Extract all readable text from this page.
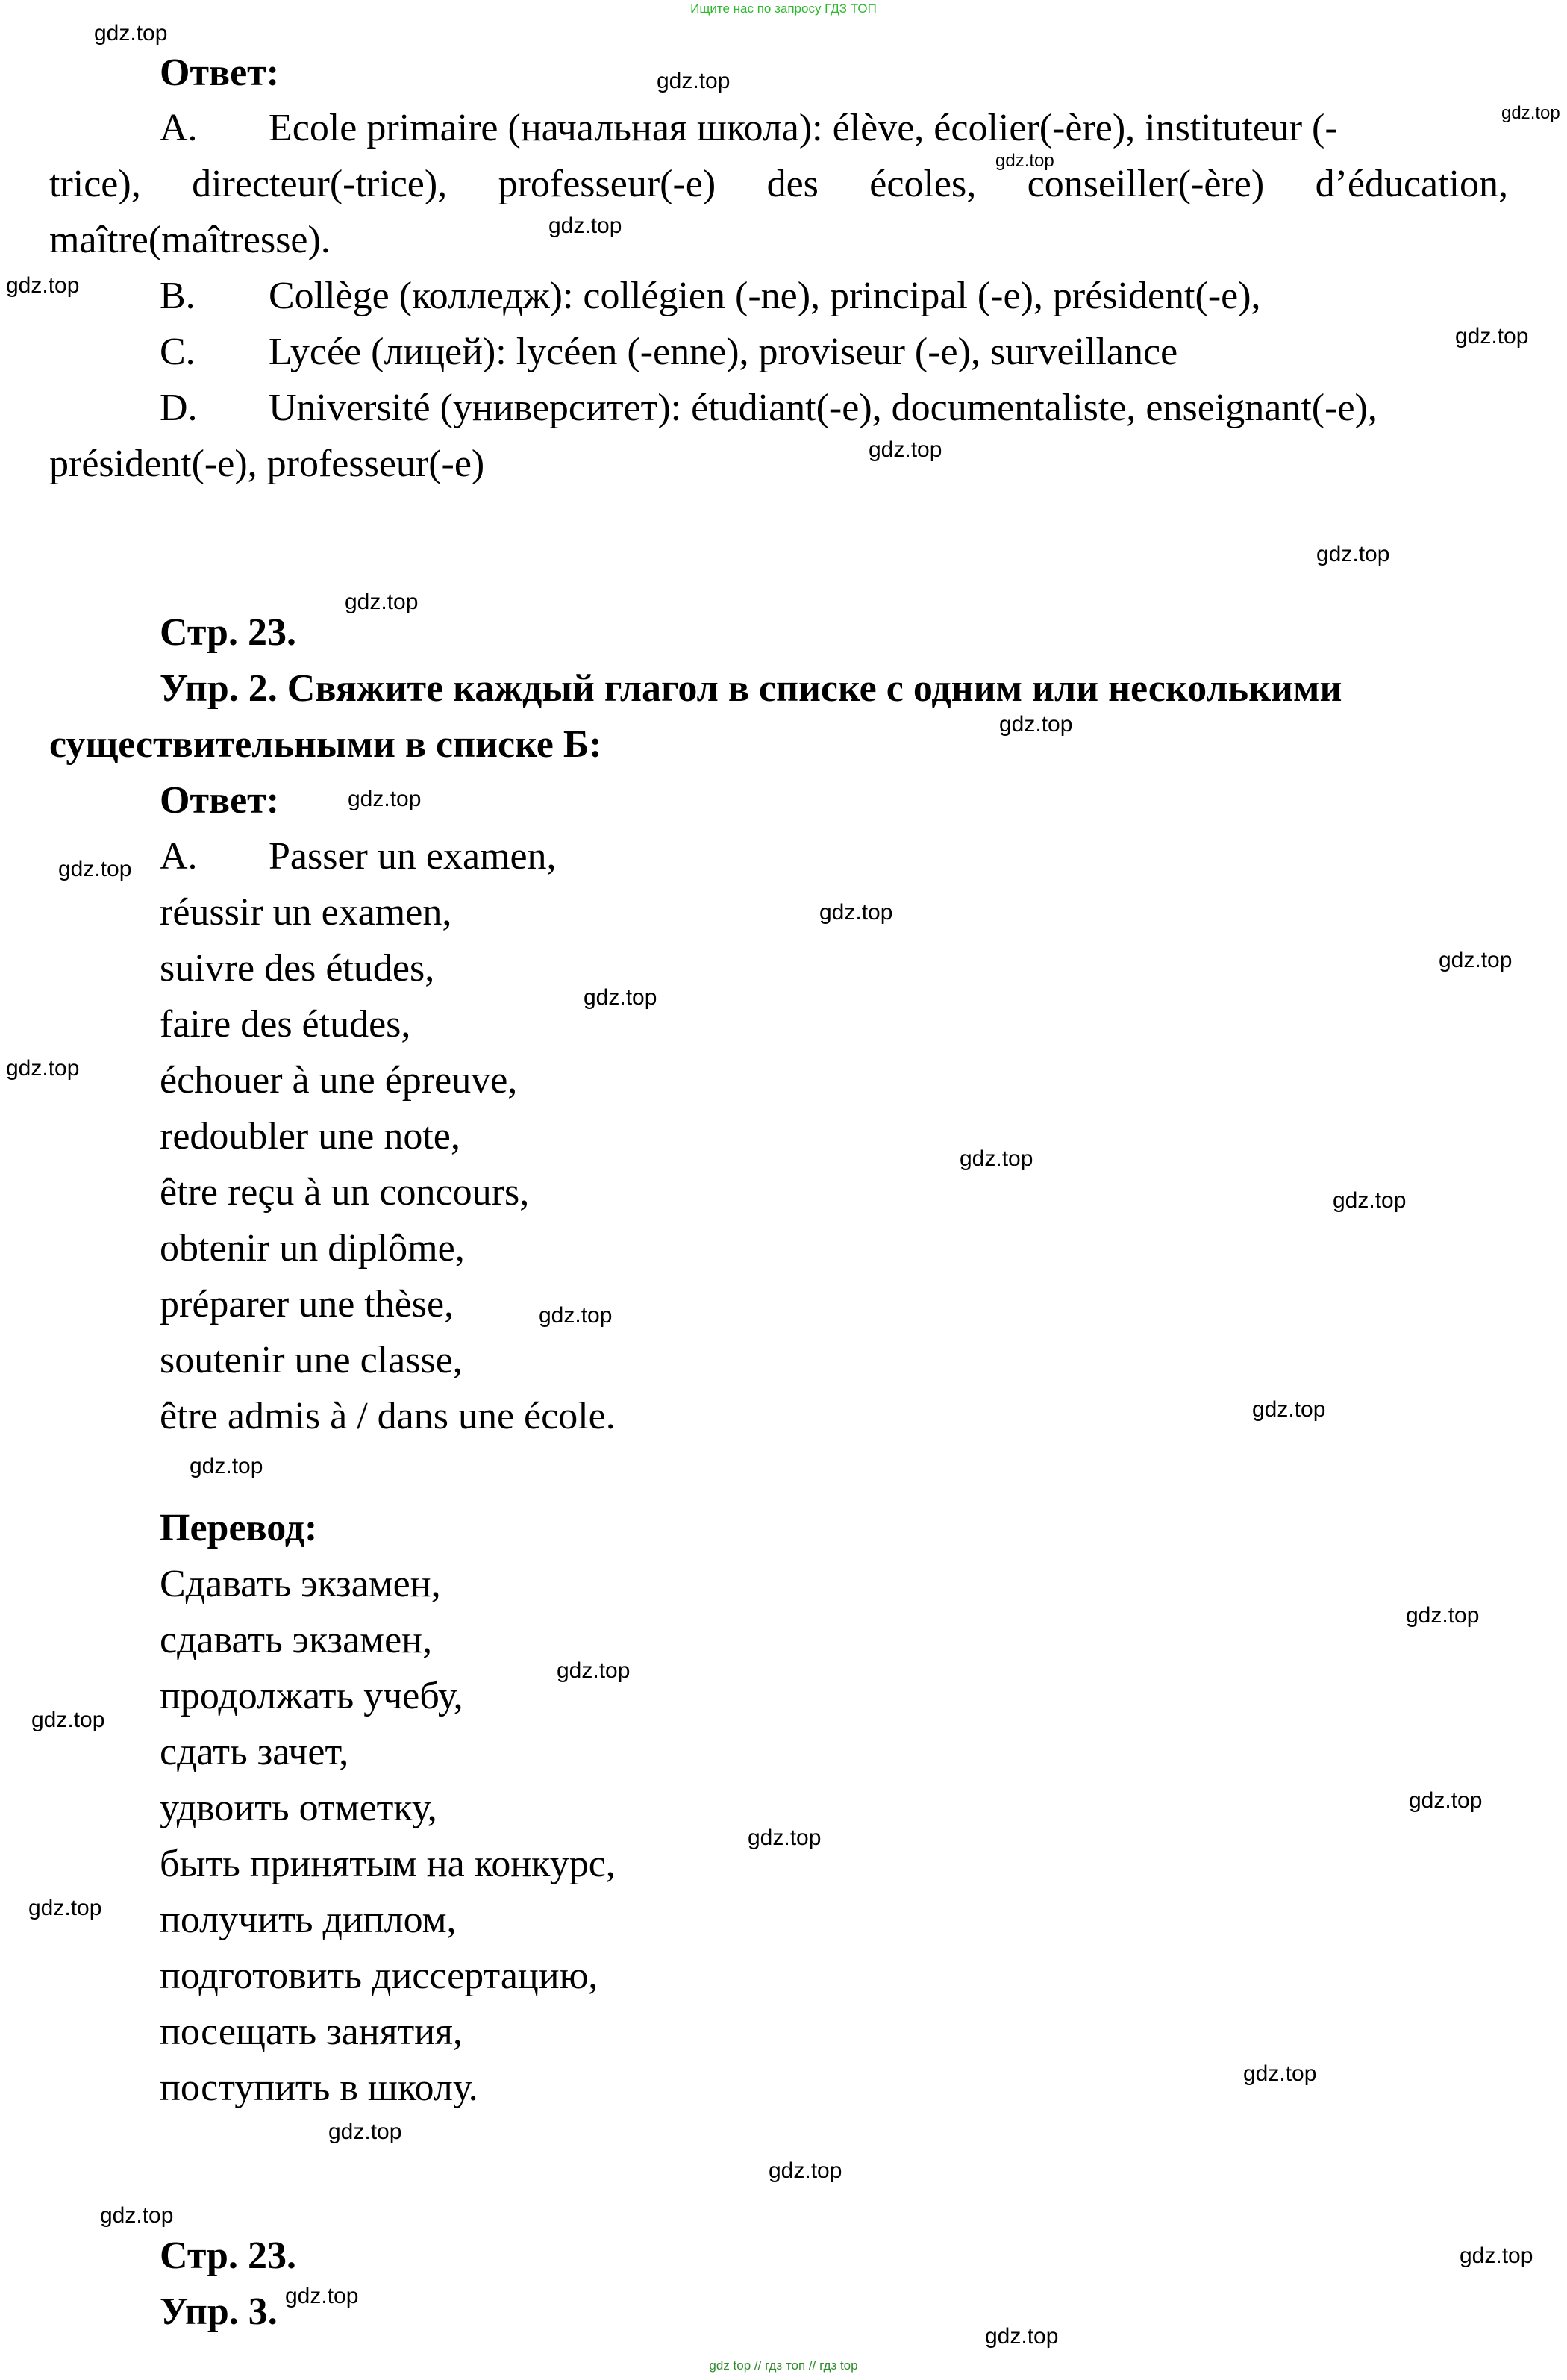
Ищите нас по запросу ГДЗ ТОП
Ответ:
A. Ecole primaire (начальная школа): élève, écolier(-ère), instituteur (-
trice), directeur(-trice), professeur(-e) des écoles, conseiller(-ère) d’éducation,
maître(maîtresse).
B. Collège (колледж): collégien (-ne), principal (-e), président(-e),
C. Lycée (лицей): lycéen (-enne), proviseur (-e), surveillance
D. Université (университет): étudiant(-e), documentaliste, enseignant(-e),
président(-e), professeur(-e)
Стр. 23.
Упр. 2. Свяжите каждый глагол в списке с одним или несколькими
существительными в списке Б:
Ответ:
A. Passer un examen,
réussir un examen,
suivre des études,
faire des études,
échouer à une épreuve,
redoubler une note,
être reçu à un concours,
obtenir un diplôme,
préparer une thèse,
soutenir une classe,
être admis à / dans une école.
Перевод:
Сдавать экзамен,
сдавать экзамен,
продолжать учебу,
сдать зачет,
удвоить отметку,
быть принятым на конкурс,
получить диплом,
подготовить диссертацию,
посещать занятия,
поступить в школу.
Стр. 23.
Упр. 3.
gdz.top
gdz.top
gdz.top
gdz.top
gdz.top
gdz.top
gdz.top
gdz.top
gdz.top
gdz.top
gdz.top
gdz.top
gdz.top
gdz.top
gdz.top
gdz.top
gdz.top
gdz.top
gdz.top
gdz.top
gdz.top
gdz.top
gdz.top
gdz.top
gdz.top
gdz.top
gdz.top
gdz.top
gdz.top
gdz.top
gdz.top
gdz.top
gdz.top
gdz.top
gdz.top
gdz top // гдз топ // гдз top
